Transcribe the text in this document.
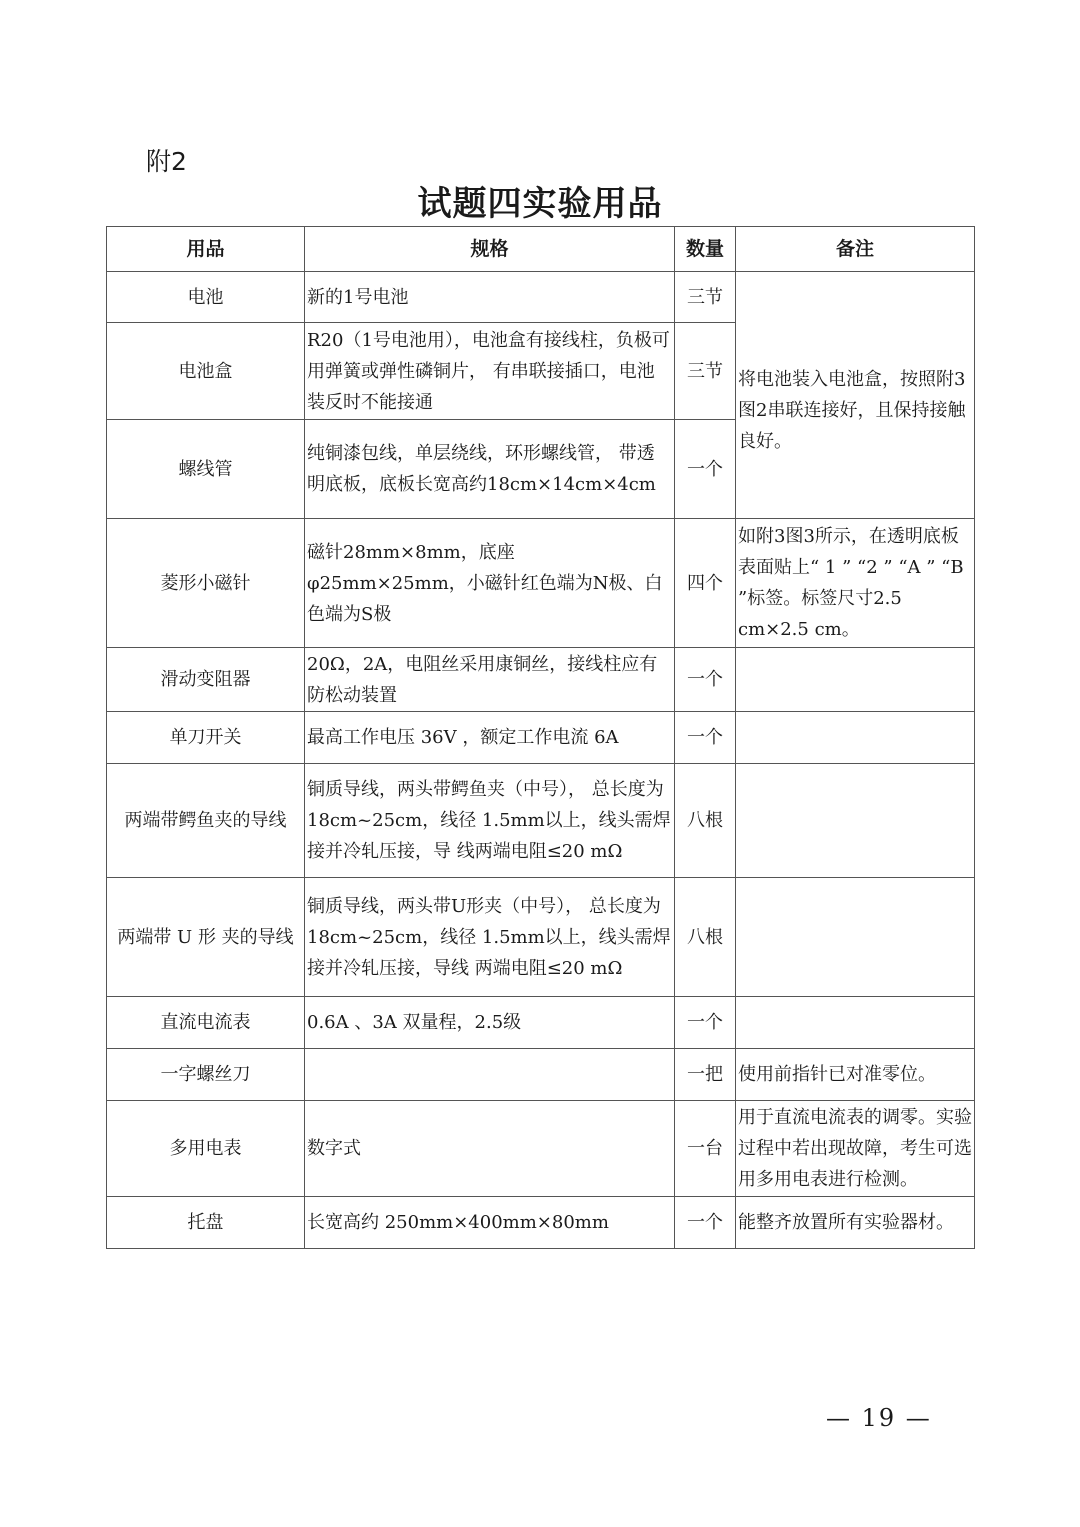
附2
试题四实验用品
用品	规格	数量	备注
电池	新的1号电池	三节	将电池装入电池盒，按照附3图2串联连接好，且保持接触良好。
电池盒	R20（1号电池用），电池盒有接线柱，负极可用弹簧或弹性磷铜片， 有串联接插口，电池装反时不能接通	三节	
螺线管	纯铜漆包线，单层绕线，环形螺线管， 带透明底板，底板长宽高约18cm×14cm×4cm	一个	
菱形小磁针	磁针28mm×8mm，底座φ25mm×25mm，小磁针红色端为N极、白色端为S极	四个	如附3图3所示，在透明底板表面贴上“ 1 ” “2 ” “A ” “B ”标签。标签尺寸2.5 cm×2.5 cm。
滑动变阻器	20Ω，2A，电阻丝采用康铜丝，接线柱应有防松动装置	一个	
单刀开关	最高工作电压 36V ，额定工作电流 6A	一个	
两端带鳄鱼夹的导线	铜质导线，两头带鳄鱼夹（中号）， 总长度为18cm~25cm，线径 1.5mm以上，线头需焊接并冷轧压接，导 线两端电阻≤20 mΩ	八根	
两端带 U 形 夹的导线	铜质导线，两头带U形夹（中号）， 总长度为18cm~25cm，线径 1.5mm以上，线头需焊接并冷轧压接，导线 两端电阻≤20 mΩ	八根	
直流电流表	0.6A 、3A 双量程，2.5级	一个	
一字螺丝刀		一把	使用前指针已对准零位。
多用电表	数字式	一台	用于直流电流表的调零。实验过程中若出现故障，考生可选用多用电表进行检测。
托盘	长宽高约 250mm×400mm×80mm	一个	能整齐放置所有实验器材。
— 19 —
